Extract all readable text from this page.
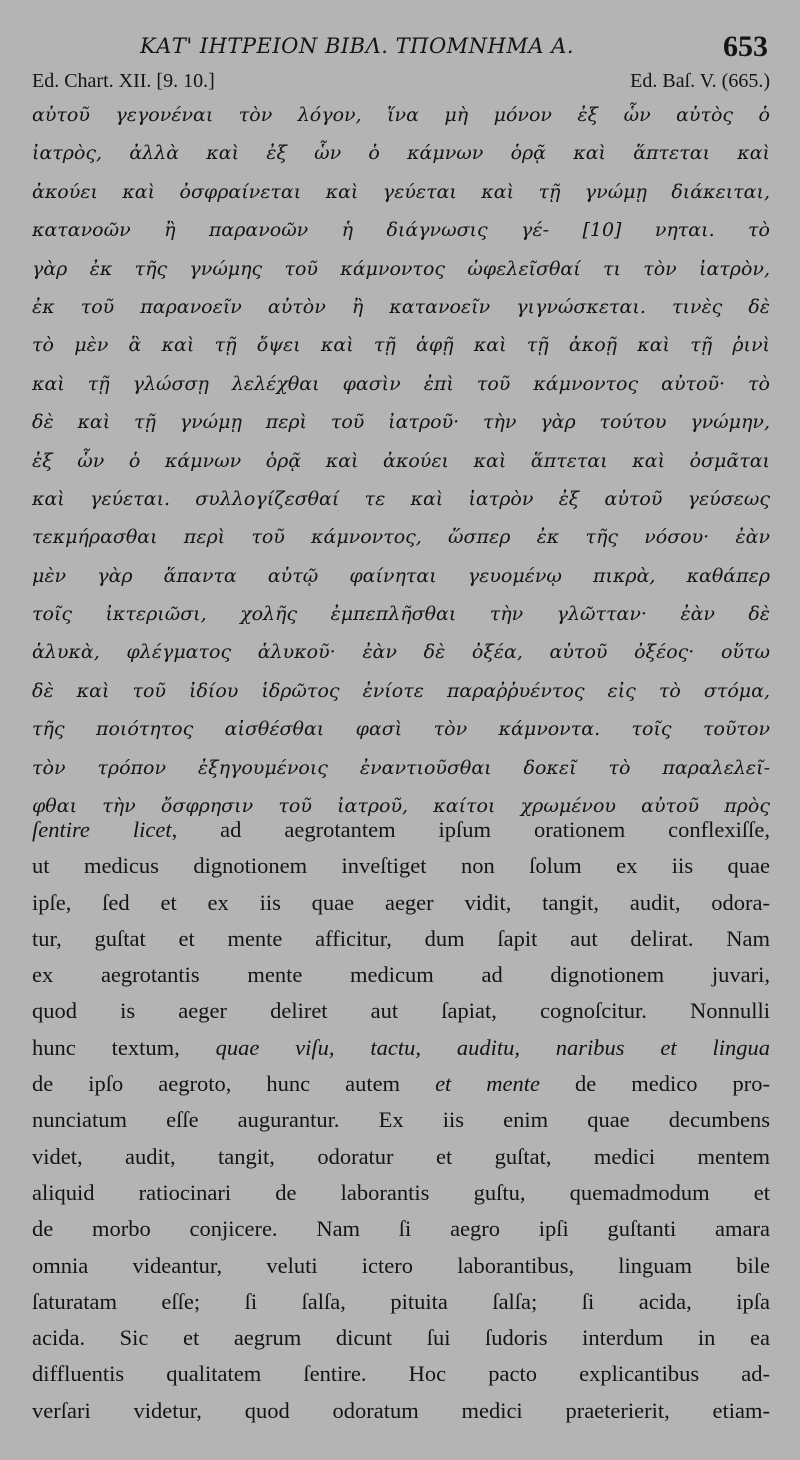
ΚΑΤ' ΙΗΤΡΕΙΟΝ ΒΙΒΛ. ΤΠΟΜΝΗΜΑ Α.	653
Ed. Chart. XII. [9. 10.]	Ed. Baſ. V. (665.)
αὐτοῦ γεγονέναι τὸν λόγον, ἵνα μὴ μόνον ἐξ ὧν αὐτὸς ὁ
ἰατρὸς, ἀλλὰ καὶ ἐξ ὧν ὁ κάμνων ὁρᾷ καὶ ἅπτεται καὶ
ἀκούει καὶ ὀσφραίνεται καὶ γεύεται καὶ τῇ γνώμῃ διάκειται,
κατανοῶν ἢ παρανοῶν ἡ διάγνωσις γέ- [10] νηται. τὸ
γὰρ ἐκ τῆς γνώμης τοῦ κάμνοντος ὠφελεῖσθαί τι τὸν ἰατρὸν,
ἐκ τοῦ παρανοεῖν αὐτὸν ἢ κατανοεῖν γιγνώσκεται. τινὲς δὲ
τὸ μὲν ἃ καὶ τῇ ὄψει καὶ τῇ ἁφῇ καὶ τῇ ἀκοῇ καὶ τῇ ῥινὶ
καὶ τῇ γλώσσῃ λελέχθαι φασὶν ἐπὶ τοῦ κάμνοντος αὐτοῦ· τὸ
δὲ καὶ τῇ γνώμῃ περὶ τοῦ ἰατροῦ· τὴν γὰρ τούτου γνώμην,
ἐξ ὧν ὁ κάμνων ὁρᾷ καὶ ἀκούει καὶ ἅπτεται καὶ ὀσμᾶται
καὶ γεύεται. συλλογίζεσθαί τε καὶ ἰατρὸν ἐξ αὐτοῦ γεύσεως
τεκμήρασθαι περὶ τοῦ κάμνοντος, ὥσπερ ἐκ τῆς νόσου· ἐὰν
μὲν γὰρ ἅπαντα αὐτῷ φαίνηται γευομένῳ πικρὰ, καθάπερ
τοῖς ἰκτεριῶσι, χολῆς ἐμπεπλῆσθαι τὴν γλῶτταν· ἐὰν δὲ
ἁλυκὰ, φλέγματος ἁλυκοῦ· ἐὰν δὲ ὀξέα, αὐτοῦ ὀξέος· οὕτω
δὲ καὶ τοῦ ἰδίου ἱδρῶτος ἐνίοτε παραῤῥυέντος εἰς τὸ στόμα,
τῆς ποιότητος αἰσθέσθαι φασὶ τὸν κάμνοντα. τοῖς τοῦτον
τὸν τρόπον ἐξηγουμένοις ἐναντιοῦσθαι δοκεῖ τὸ παραλελεῖ-
φθαι τὴν ὄσφρησιν τοῦ ἰατροῦ, καίτοι χρωμένου αὐτοῦ πρὸς
ſentire licet, ad aegrotantem ipſum orationem conflexiſſe,
ut medicus dignotionem inveſtiget non ſolum ex iis quae
ipſe, ſed et ex iis quae aeger vidit, tangit, audit, odora-
tur, guſtat et mente afficitur, dum ſapit aut delirat. Nam
ex aegrotantis mente medicum ad dignotionem juvari,
quod is aeger deliret aut ſapiat, cognoſcitur. Nonnulli
hunc textum, quae viſu, tactu, auditu, naribus et lingua
de ipſo aegroto, hunc autem et mente de medico pro-
nunciatum eſſe augurantur. Ex iis enim quae decumbens
videt, audit, tangit, odoratur et guſtat, medici mentem
aliquid ratiocinari de laborantis guſtu, quemadmodum et
de morbo conjicere. Nam ſi aegro ipſi guſtanti amara
omnia videantur, veluti ictero laborantibus, linguam bile
ſaturatam eſſe; ſi ſalſa, pituita ſalſa; ſi acida, ipſa
acida. Sic et aegrum dicunt ſui ſudoris interdum in ea
diffluentis qualitatem ſentire. Hoc pacto explicantibus ad-
verſari videtur, quod odoratum medici praeterierit, etiam-
